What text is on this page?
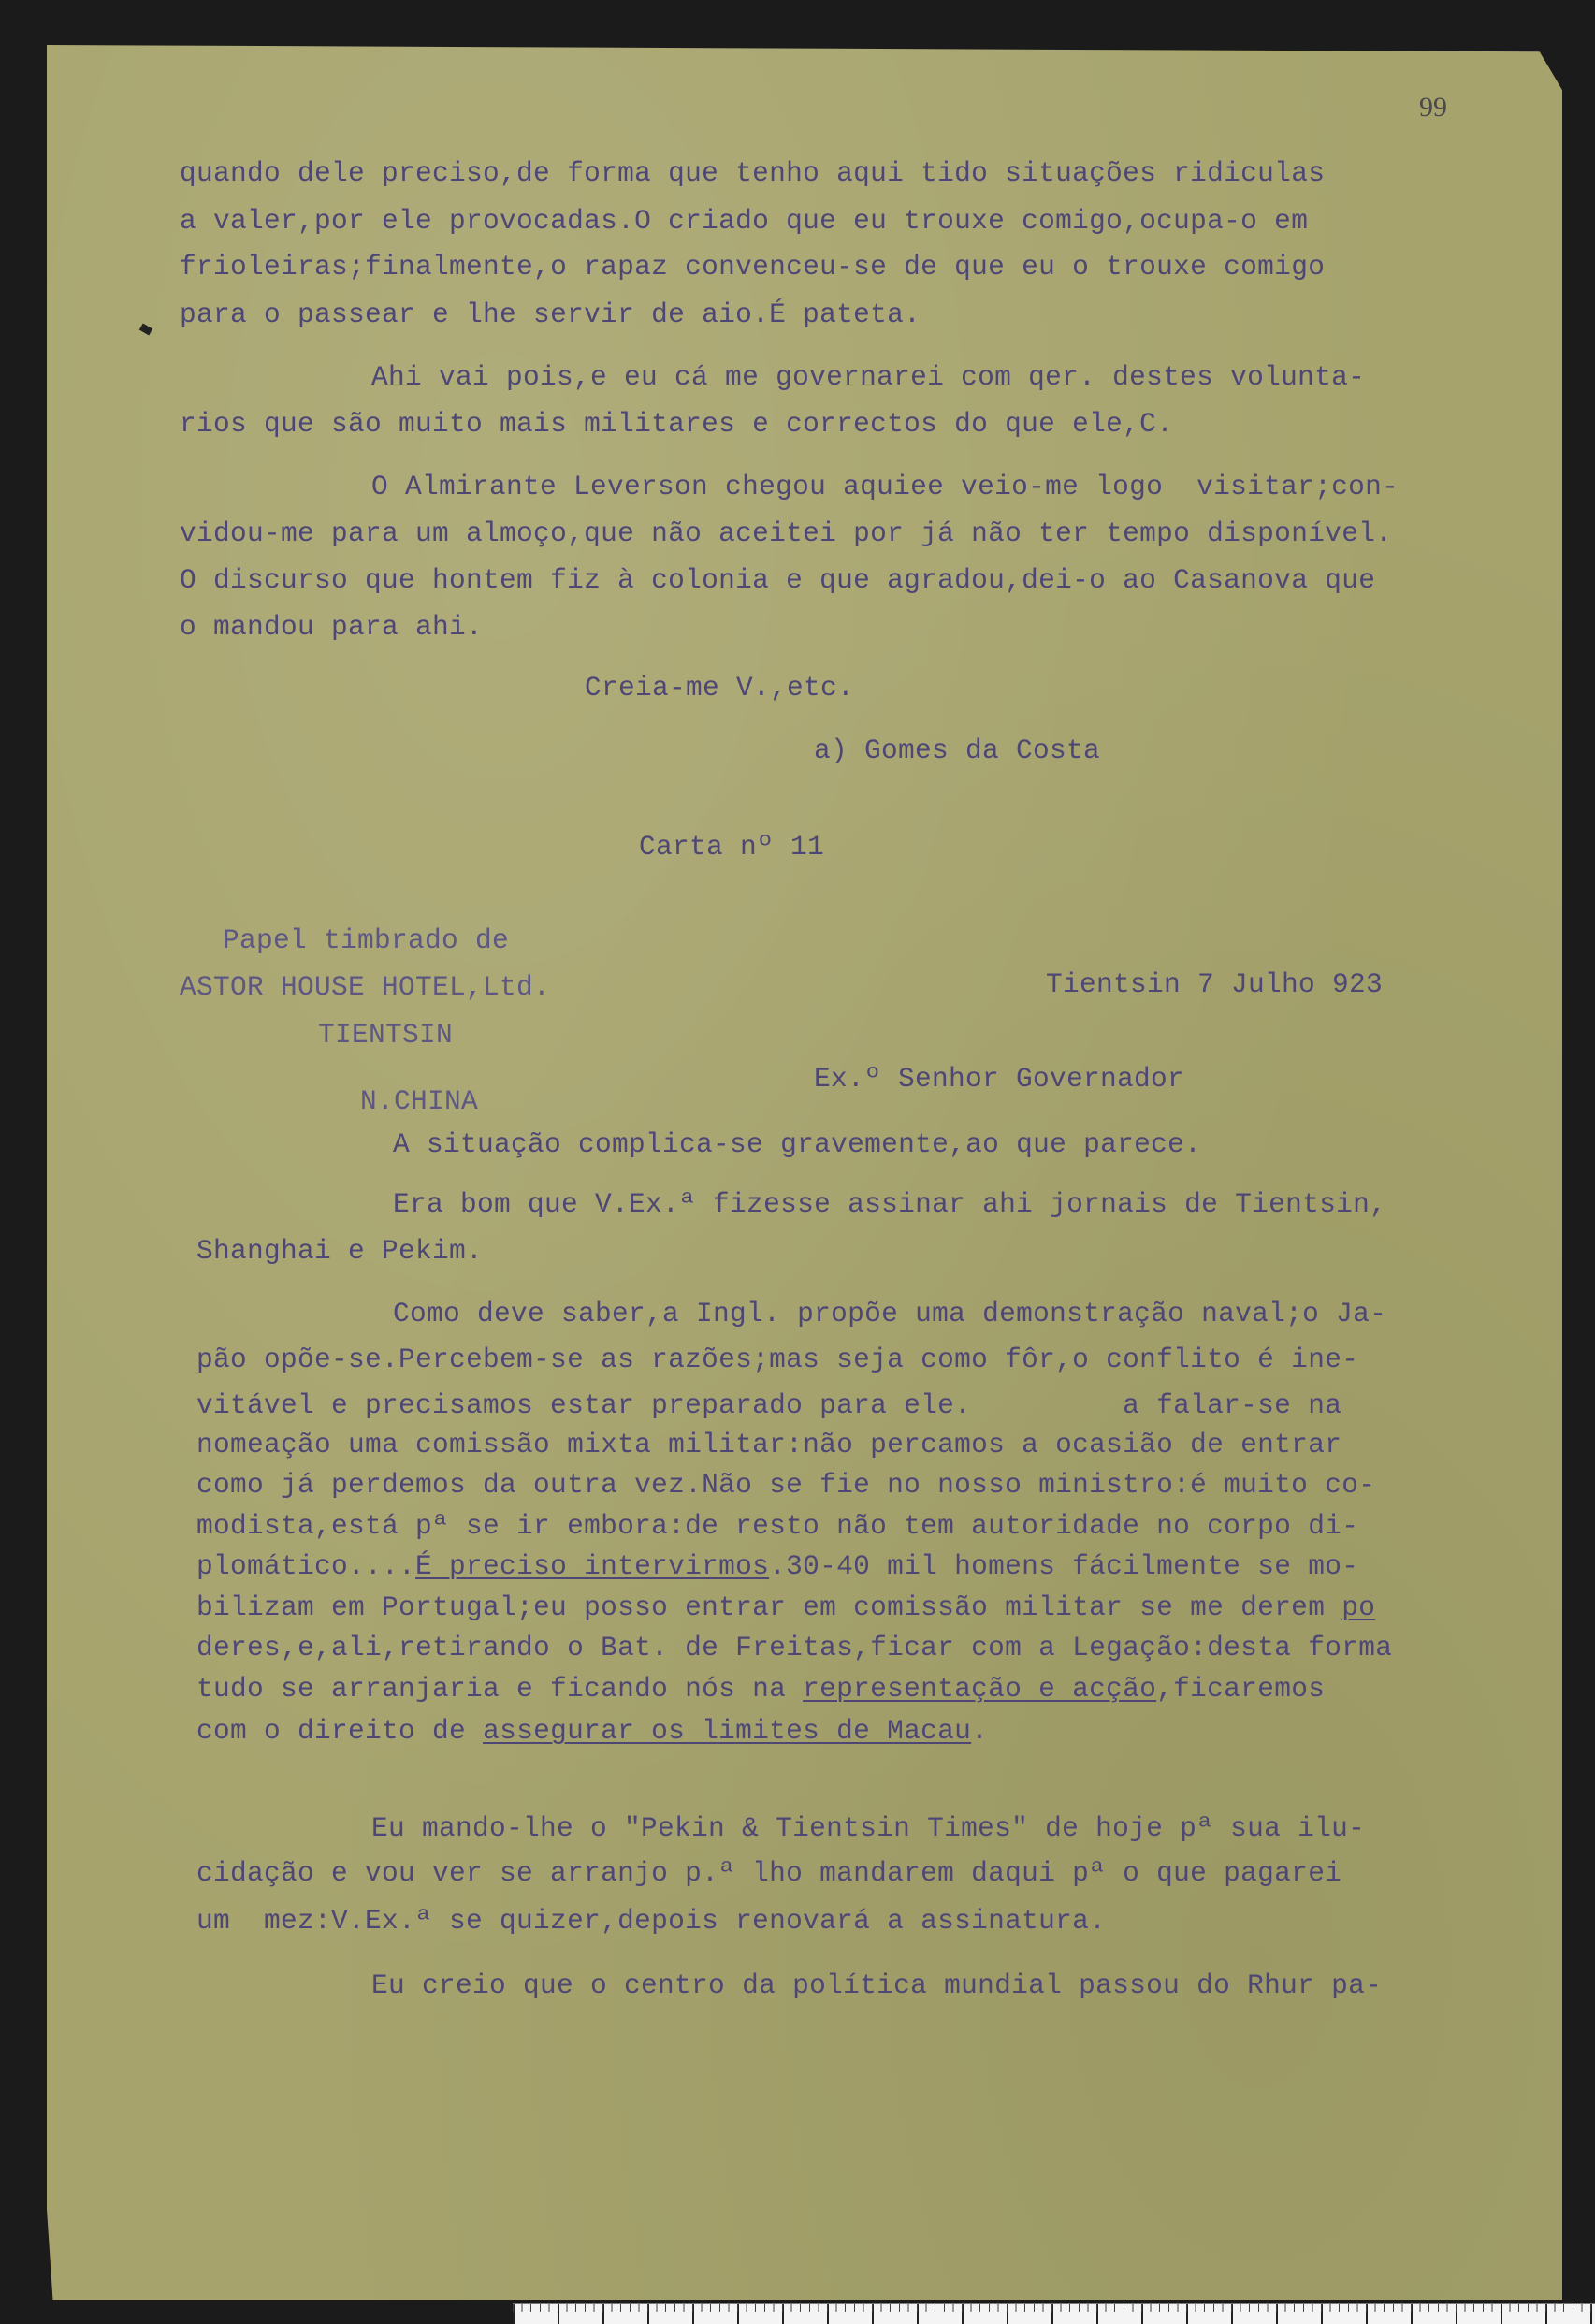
99
quando dele preciso,de forma que tenho aqui tido situações ridiculas
a valer,por ele provocadas.O criado que eu trouxe comigo,ocupa-o em
frioleiras;finalmente,o rapaz convenceu-se de que eu o trouxe comigo
para o passear e lhe servir de aio.É pateta.
Ahi vai pois,e eu cá me governarei com qer. destes volunta-
rios que são muito mais militares e correctos do que ele,C.
O Almirante Leverson chegou aquiee veio-me logo  visitar;con-
vidou-me para um almoço,que não aceitei por já não ter tempo disponível.
O discurso que hontem fiz à colonia e que agradou,dei-o ao Casanova que
o mandou para ahi.
Creia-me V.,etc.
a) Gomes da Costa
Carta nº 11
Papel timbrado de
ASTOR HOUSE HOTEL,Ltd.	Tientsin 7 Julho 923
TIENTSIN
Ex.º Senhor Governador
N.CHINA
A situação complica-se gravemente,ao que parece.
Era bom que V.Ex.ª fizesse assinar ahi jornais de Tientsin,
Shanghai e Pekim.
Como deve saber,a Ingl. propõe uma demonstração naval;o Ja-
pão opõe-se.Percebem-se as razões;mas seja como fôr,o conflito é ine-
vitável e precisamos estar preparado para ele.         a falar-se na
nomeação uma comissão mixta militar:não percamos a ocasião de entrar
como já perdemos da outra vez.Não se fie no nosso ministro:é muito co-
modista,está pª se ir embora:de resto não tem autoridade no corpo di-
plomático....É preciso intervirmos.30-40 mil homens fácilmente se mo-
bilizam em Portugal;eu posso entrar em comissão militar se me derem po
deres,e,ali,retirando o Bat. de Freitas,ficar com a Legação:desta forma
tudo se arranjaria e ficando nós na representação e acção,ficaremos
com o direito de assegurar os limites de Macau.
Eu mando-lhe o "Pekin & Tientsin Times" de hoje pª sua ilu-
cidação e vou ver se arranjo p.ª lho mandarem daqui pª o que pagarei
um  mez:V.Ex.ª se quizer,depois renovará a assinatura.
Eu creio que o centro da política mundial passou do Rhur pa-
